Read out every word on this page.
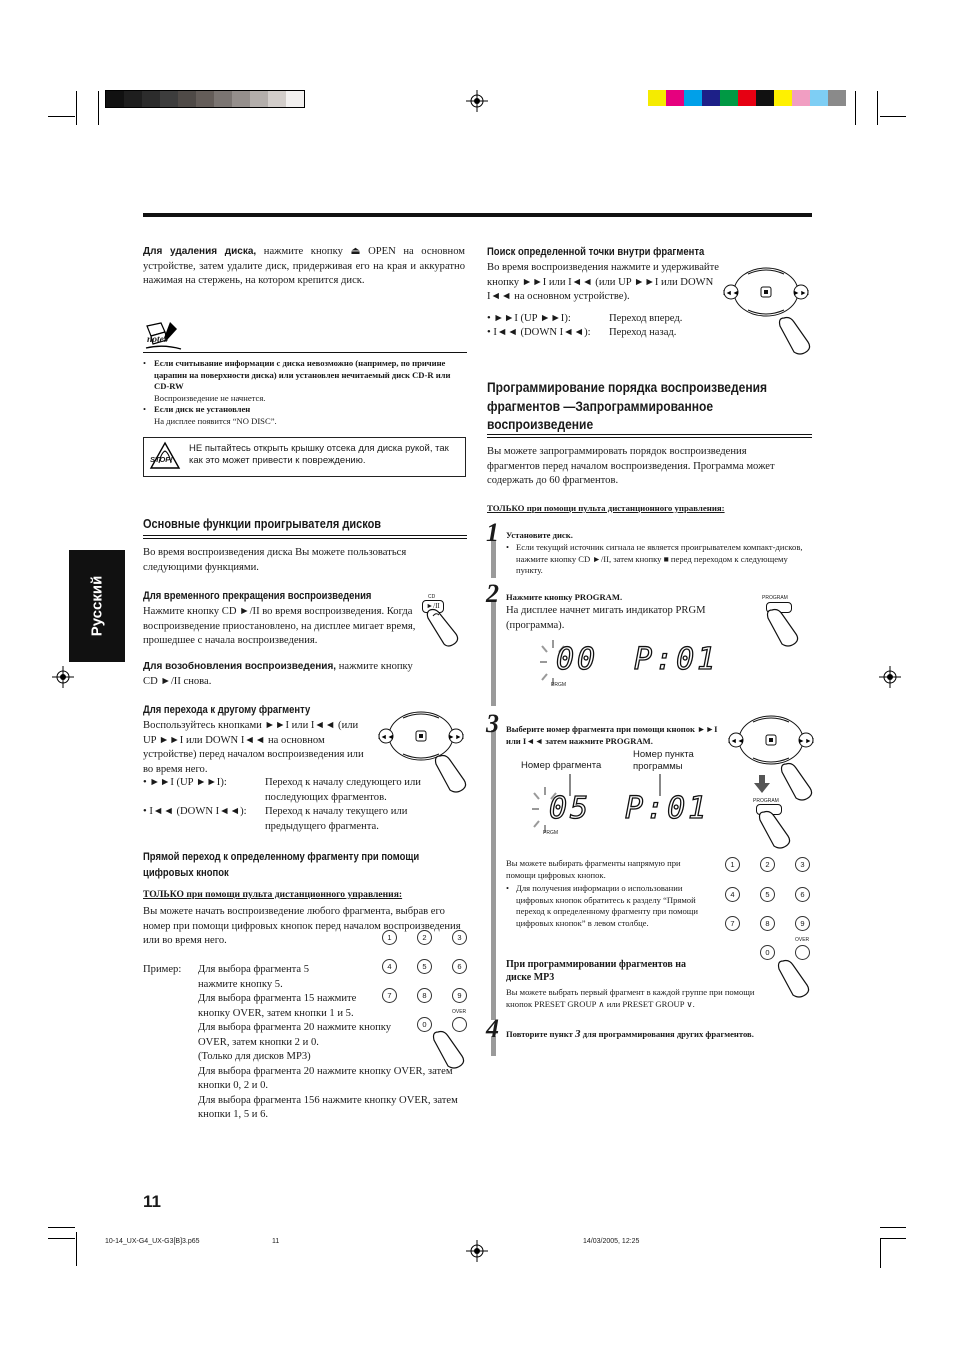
Русский

Для удаления диска, нажмите кнопку ⏏ OPEN на основном устройстве, затем удалите диск, придерживая его на края и аккуратно нажимая на стержень, на котором крепится диск.

notes
• Если считывание информации с диска невозможно (например, по причине царапин на поверхности диска) или установлен нечитаемый диск CD-R или CD-RW
Воспроизведение не начнется.
• Если диск не установлен
На дисплее появится “NO DISC”.
STOP!
НЕ пытайтесь открыть крышку отсека для диска рукой, так как это может привести к повреждению.
Основные функции проигрывателя дисков

Во время воспроизведения диска Вы можете пользоваться следующими функциями.

Для временного прекращения воспроизведения

Нажмите кнопку CD ►/II во время воспроизведения. Когда воспроизведение приостановлено, на дисплее мигает время, прошедшее с начала воспроизведения.

Для возобновления воспроизведения, нажмите кнопку CD ►/II снова.

CD
►/II
Для перехода к другому фрагменту

Воспользуйтесь кнопками ►►I или I◄◄ (или UP ►►I или DOWN I◄◄ на основном устройстве) перед началом воспроизведения или во время него.

• ►►I (UP ►►I):	Переход к началу следующего или последующих фрагментов.
• I◄◄ (DOWN I◄◄):	Переход к началу текущего или предыдущего фрагмента.
I◄◄	►►I
Прямой переход к определенному фрагменту при помощи цифровых кнопок
ТОЛЬКО при помощи пульта дистанционного управления:

Вы можете начать воспроизведение любого фрагмента, выбрав его номер при помощи цифровых кнопок перед началом воспроизведения или во время него.

Пример: Для выбора фрагмента 5 нажмите кнопку 5.
Для выбора фрагмента 15 нажмите кнопку OVER, затем кнопки 1 и 5.
Для выбора фрагмента 20 нажмите кнопку OVER, затем кнопки 2 и 0.
(Только для дисков MP3)
Для выбора фрагмента 20 нажмите кнопку OVER, затем кнопки 0, 2 и 0.
Для выбора фрагмента 156 нажмите кнопку OVER, затем кнопки 1, 5 и 6.
1	2	3
4	5	6
7	8	9
0
OVER
Поиск определенной точки внутри фрагмента

Во время воспроизведения нажмите и удерживайте кнопку ►►I или I◄◄ (или UP ►►I или DOWN I◄◄ на основном устройстве).

• ►►I (UP ►►I):	Переход вперед.
• I◄◄ (DOWN I◄◄):	Переход назад.
I◄◄	►►I
Программирование порядка воспроизведения фрагментов —Запрограммированное воспроизведение

Вы можете запрограммировать порядок воспроизведения фрагментов перед началом воспроизведения. Программа может содержать до 60 фрагментов.

ТОЛЬКО при помощи пульта дистанционного управления:
1 Установите диск.
• Если текущий источник сигнала не является проигрывателем компакт-дисков, нажмите кнопку CD ►/II, затем кнопку ■ перед переходом к следующему пункту.
2 Нажмите кнопку PROGRAM.

На дисплее начнет мигать индикатор PRGM (программа).

PROGRAM
00 P:01
PRGM
3 Выберите номер фрагмента при помощи кнопок ►►I или I◄◄ затем нажмите PROGRAM.
Номер фрагмента
Номер пункта программы
05 P:01
PRGM
I◄◄	►►I
PROGRAM
Вы можете выбирать фрагменты напрямую при помощи цифровых кнопок.
• Для получения информации о использовании цифровых кнопок обратитесь к разделу “Прямой переход к определенному фрагменту при помощи цифровых кнопок” в левом столбце.
При программировании фрагментов на диске MP3
Вы можете выбрать первый фрагмент в каждой группе при помощи кнопок PRESET GROUP ∧ или PRESET GROUP ∨.
1	2	3
4	5	6
7	8	9
0
OVER
4 Повторите пункт 3 для программирования других фрагментов.
11
10-14_UX-G4_UX-G3[B]3.p65	11	14/03/2005, 12:25
